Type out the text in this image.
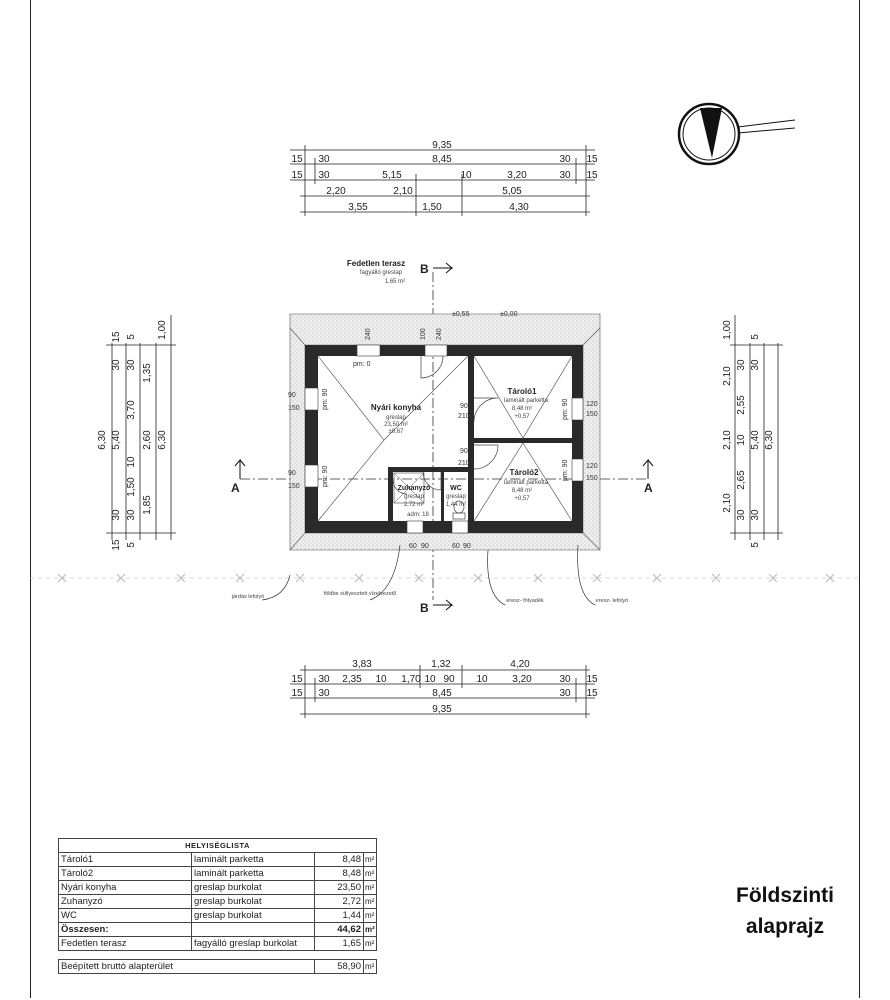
9,35
15 30	8,45	30 15
15 30	5,15	10	3,20	30 15
2,20	2,10	5,05
3,55	1,50	4,30
B
B
A	A
Fedetlen terasz
fagyálló greslap
1,65 m²
Nyári konyha
greslap
23,50 m²
±0,67
Tároló1
laminált parketta
8,48 m²
+0,57
Tároló2
laminált parketta
8,48 m²
+0,57
Zuhanyzó
greslap
2,72 m²
adm: 18
WC
greslap
1,44 m²
pm: 0
240	100 240
±0,55	±0,00
90
150	pm: 90
90
150	pm: 90
90
210
90
210
120
150
pm: 90
120
150
pm: 90
60 90	60 90
járdás lefolyó	földbe süllyesztett vízelvezető
eresz- fólyadék	eresz- lefolyó
6,30
15
30
5,40
30
15 5
30
3,70
10
1,50
30
5
1,35
2,60
1,85
1,00
6,30
1,00
2,10
2,10
2,10
30
2,55
10
2,65
30
5
30
5,40
30
5
6,30
3,83	1,32	4,20
15 30 2,35 10 1,70 10 90 10 3,20	30 15
15 30	8,45	30 15
9,35
HELYISÉGLISTA			
Tároló1	laminált parketta	8,48	m²
Tároló2	laminált parketta	8,48	m²
Nyári konyha	greslap burkolat	23,50	m²
Zuhanyzó	greslap burkolat	2,72	m²
WC	greslap burkolat	1,44	m²
Összesen:		44,62	m²
Fedetlen terasz	fagyálló greslap burkolat	1,65	m²

Beépített bruttó alapterület		58,90	m²
Földszinti
alaprajz
